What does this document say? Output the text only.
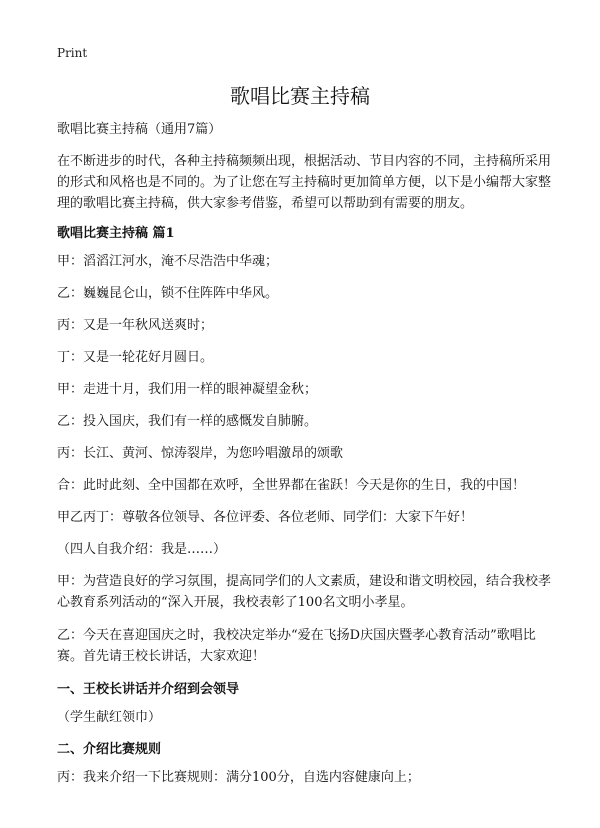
Print
歌唱比赛主持稿

歌唱比赛主持稿（通用7篇）

在不断进步的时代，各种主持稿频频出现，根据活动、节目内容的不同，主持稿所采用的形式和风格也是不同的。为了让您在写主持稿时更加简单方便，以下是小编帮大家整理的歌唱比赛主持稿，供大家参考借鉴，希望可以帮助到有需要的朋友。

歌唱比赛主持稿 篇1

甲：滔滔江河水，淹不尽浩浩中华魂；

乙：巍巍昆仑山，锁不住阵阵中华风。

丙：又是一年秋风送爽时；

丁：又是一轮花好月圆日。

甲：走进十月，我们用一样的眼神凝望金秋；

乙：投入国庆，我们有一样的感慨发自肺腑。

丙：长江、黄河、惊涛裂岸，为您吟唱激昂的颂歌

合：此时此刻、全中国都在欢呼，全世界都在雀跃！今天是你的生日，我的中国！

甲乙丙丁：尊敬各位领导、各位评委、各位老师、同学们：大家下午好！

（四人自我介绍：我是……）

甲：为营造良好的学习氛围，提高同学们的人文素质，建设和谐文明校园，结合我校孝心教育系列活动的“深入开展，我校表彰了100名文明小孝星。

乙：今天在喜迎国庆之时，我校决定举办“爱在飞扬D庆国庆暨孝心教育活动”歌唱比赛。首先请王校长讲话，大家欢迎！

一、王校长讲话并介绍到会领导

（学生献红领巾）

二、介绍比赛规则

丙：我来介绍一下比赛规则：满分100分，自选内容健康向上；
